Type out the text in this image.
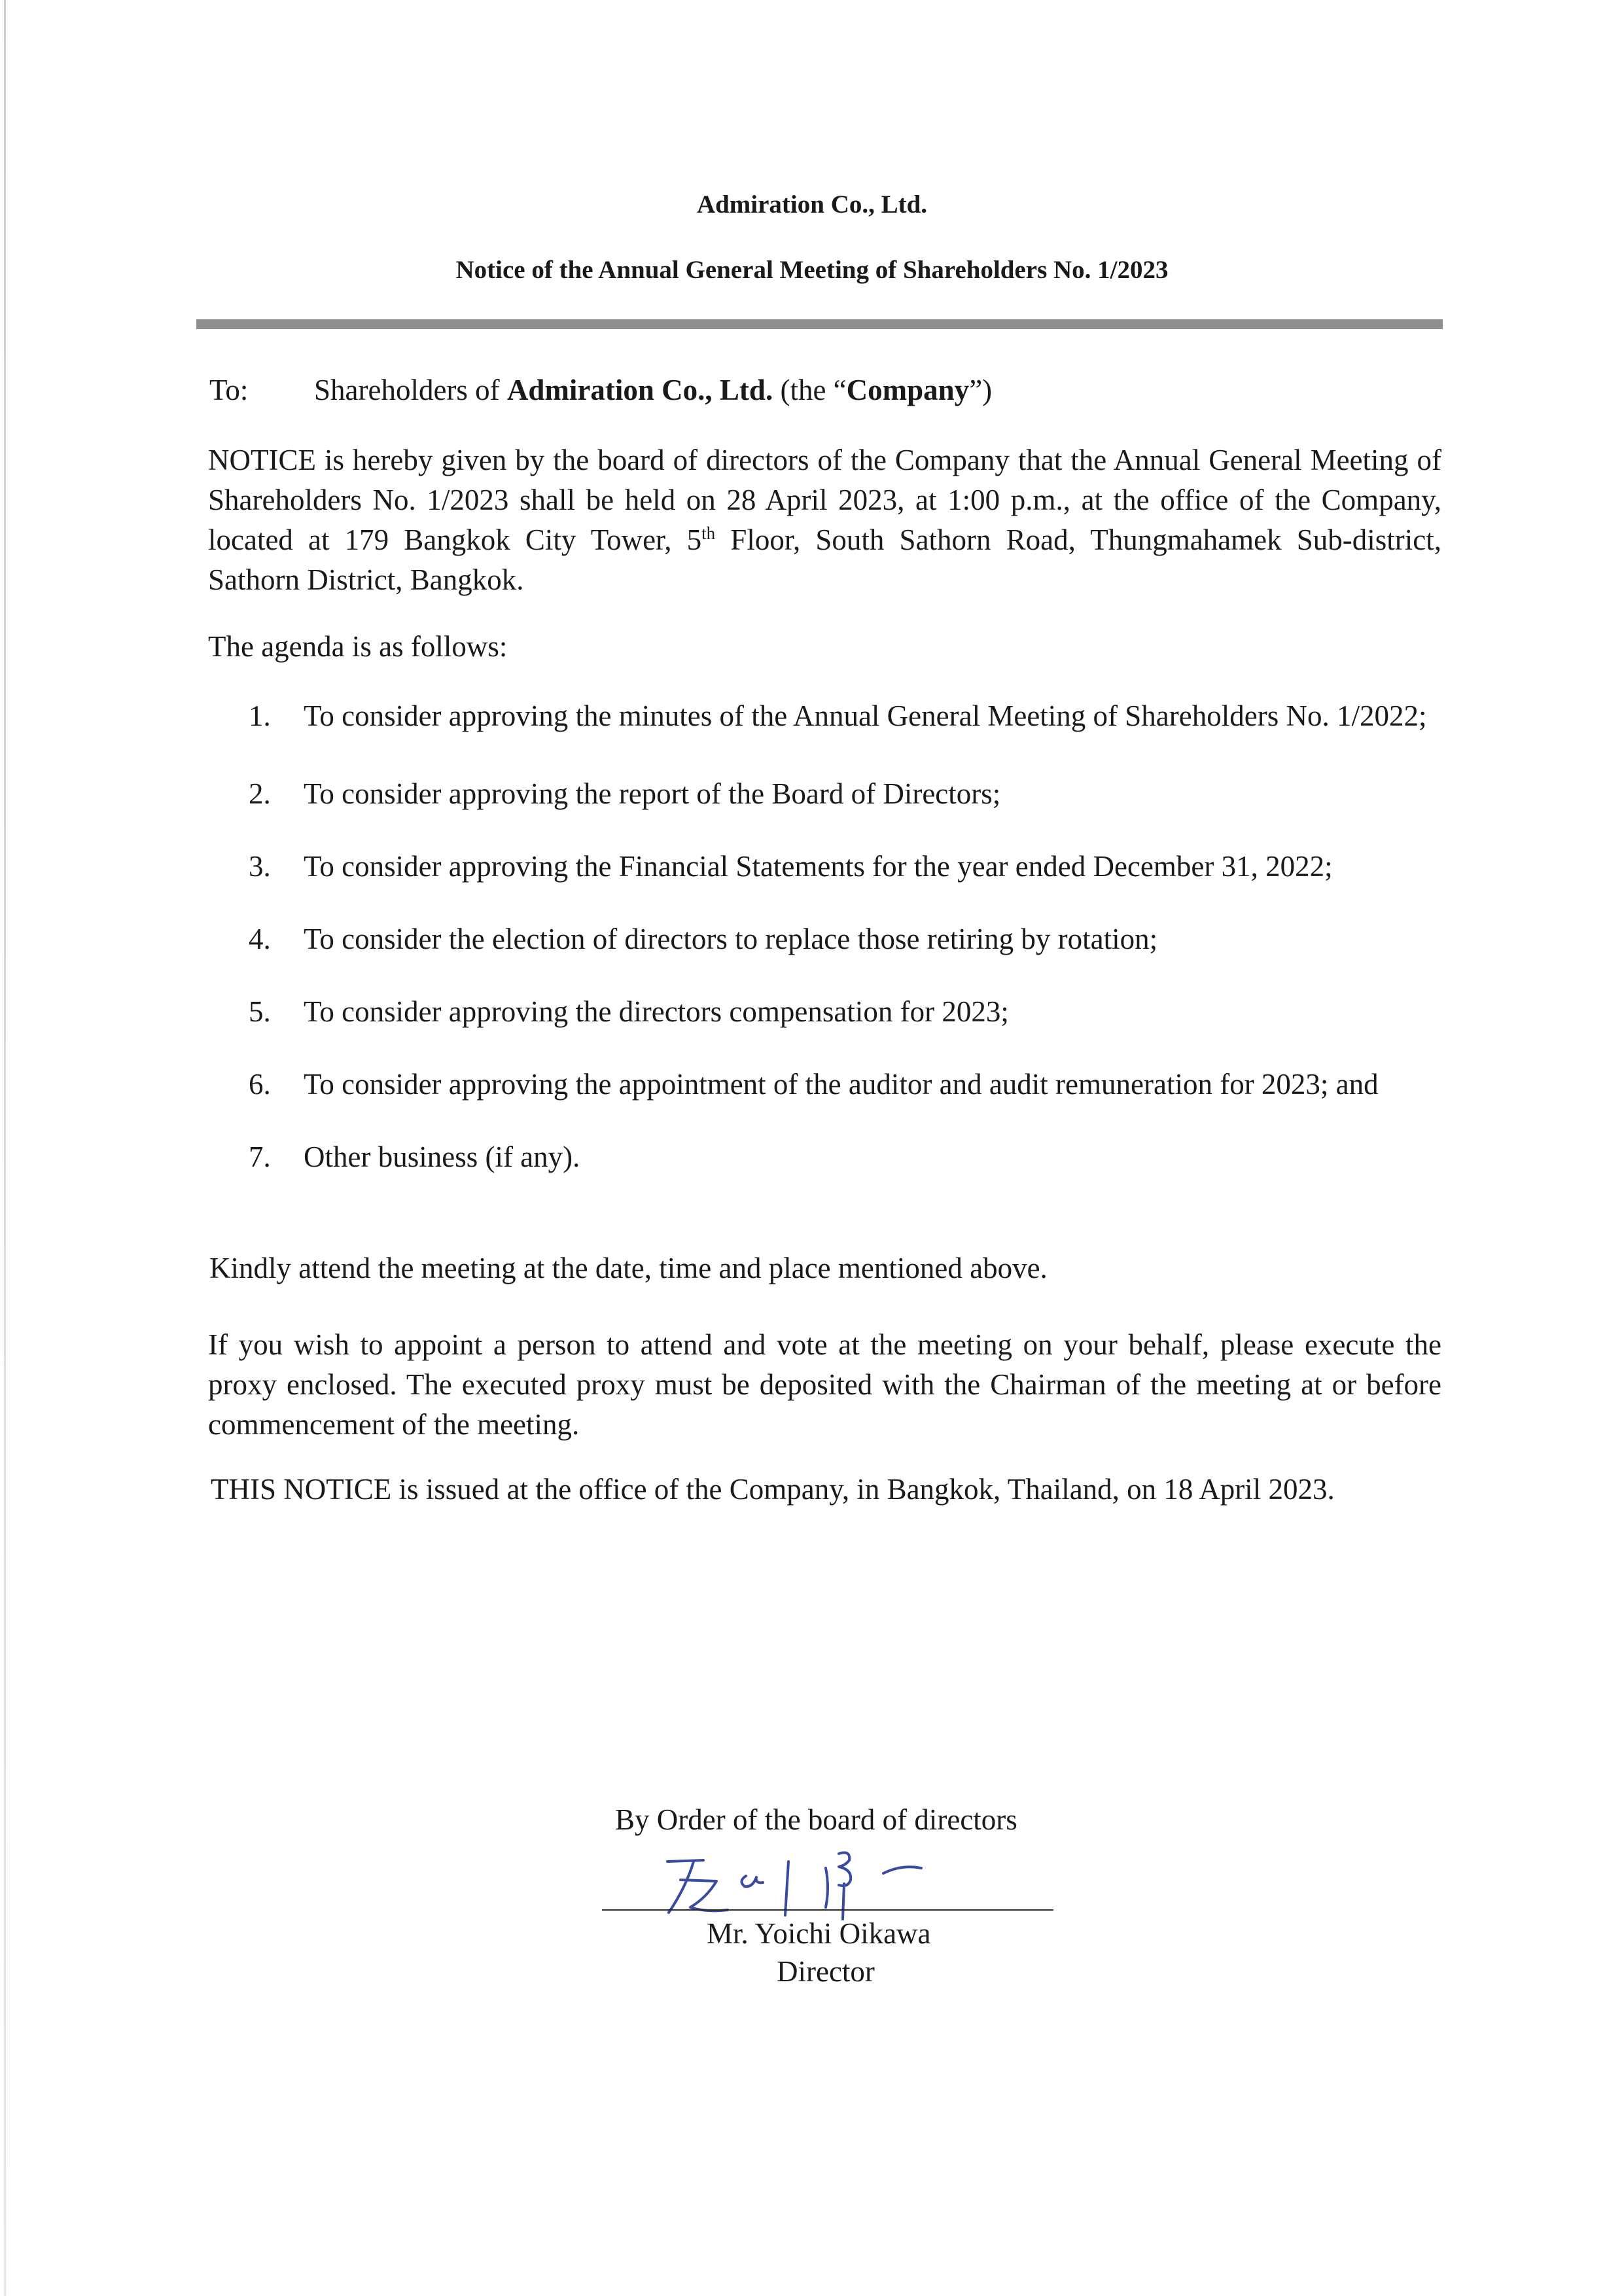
Admiration Co., Ltd.
Notice of the Annual General Meeting of Shareholders No. 1/2023
To: Shareholders of Admiration Co., Ltd. (the “Company”)
NOTICE is hereby given by the board of directors of the Company that the Annual General Meeting of Shareholders No. 1/2023 shall be held on 28 April 2023, at 1:00 p.m., at the office of the Company, located at 179 Bangkok City Tower, 5th Floor, South Sathorn Road, Thungmahamek Sub-district, Sathorn District, Bangkok.
The agenda is as follows:
1. To consider approving the minutes of the Annual General Meeting of Shareholders No. 1/2022;
2. To consider approving the report of the Board of Directors;
3. To consider approving the Financial Statements for the year ended December 31, 2022;
4. To consider the election of directors to replace those retiring by rotation;
5. To consider approving the directors compensation for 2023;
6. To consider approving the appointment of the auditor and audit remuneration for 2023; and
7. Other business (if any).
Kindly attend the meeting at the date, time and place mentioned above.
If you wish to appoint a person to attend and vote at the meeting on your behalf, please execute the proxy enclosed. The executed proxy must be deposited with the Chairman of the meeting at or before commencement of the meeting.
THIS NOTICE is issued at the office of the Company, in Bangkok, Thailand, on 18 April 2023.
By Order of the board of directors
Mr. Yoichi Oikawa
Director
